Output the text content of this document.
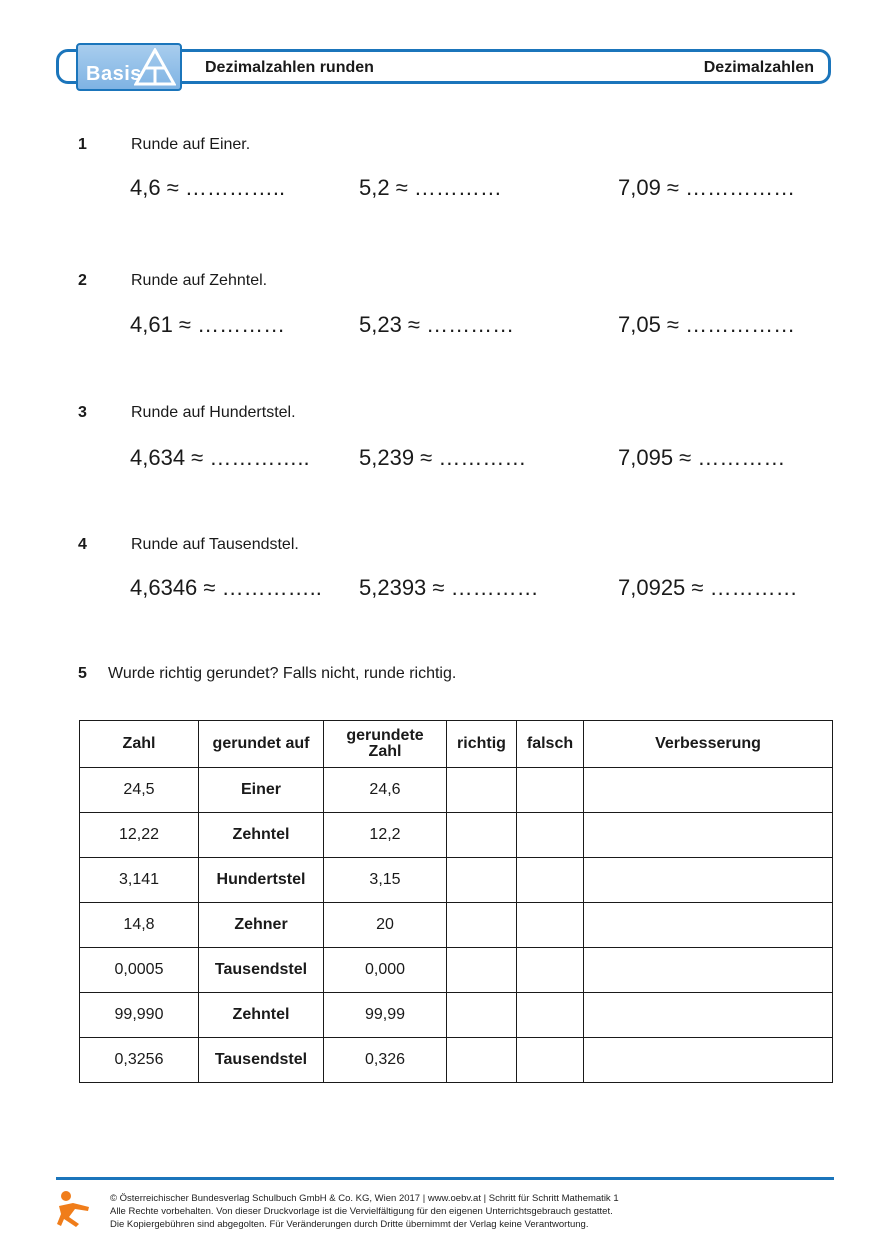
Basis	Dezimalzahlen runden	Dezimalzahlen
1	Runde auf Einer.
4,6 ≈ …………..	5,2 ≈ …………	7,09 ≈ ……………
2	Runde auf Zehntel.
4,61 ≈ …………	5,23 ≈ …………	7,05 ≈ ……………
3	Runde auf Hundertstel.
4,634 ≈ ………….. 5,239 ≈ …………	7,095 ≈ …………
4	Runde auf Tausendstel.
4,6346 ≈ ………….. 5,2393 ≈ …………	7,0925 ≈ …………
5 Wurde richtig gerundet? Falls nicht, runde richtig.
Zahl	gerundet auf	gerundete Zahl	richtig	falsch	Verbesserung
24,5	Einer	24,6			
12,22	Zehntel	12,2			
3,141	Hundertstel	3,15			
14,8	Zehner	20			
0,0005	Tausendstel	0,000			
99,990	Zehntel	99,99			
0,3256	Tausendstel	0,326			
© Österreichischer Bundesverlag Schulbuch GmbH & Co. KG, Wien 2017 | www.oebv.at | Schritt für Schritt Mathematik 1
Alle Rechte vorbehalten. Von dieser Druckvorlage ist die Vervielfältigung für den eigenen Unterrichtsgebrauch gestattet.
Die Kopiergebühren sind abgegolten. Für Veränderungen durch Dritte übernimmt der Verlag keine Verantwortung.
